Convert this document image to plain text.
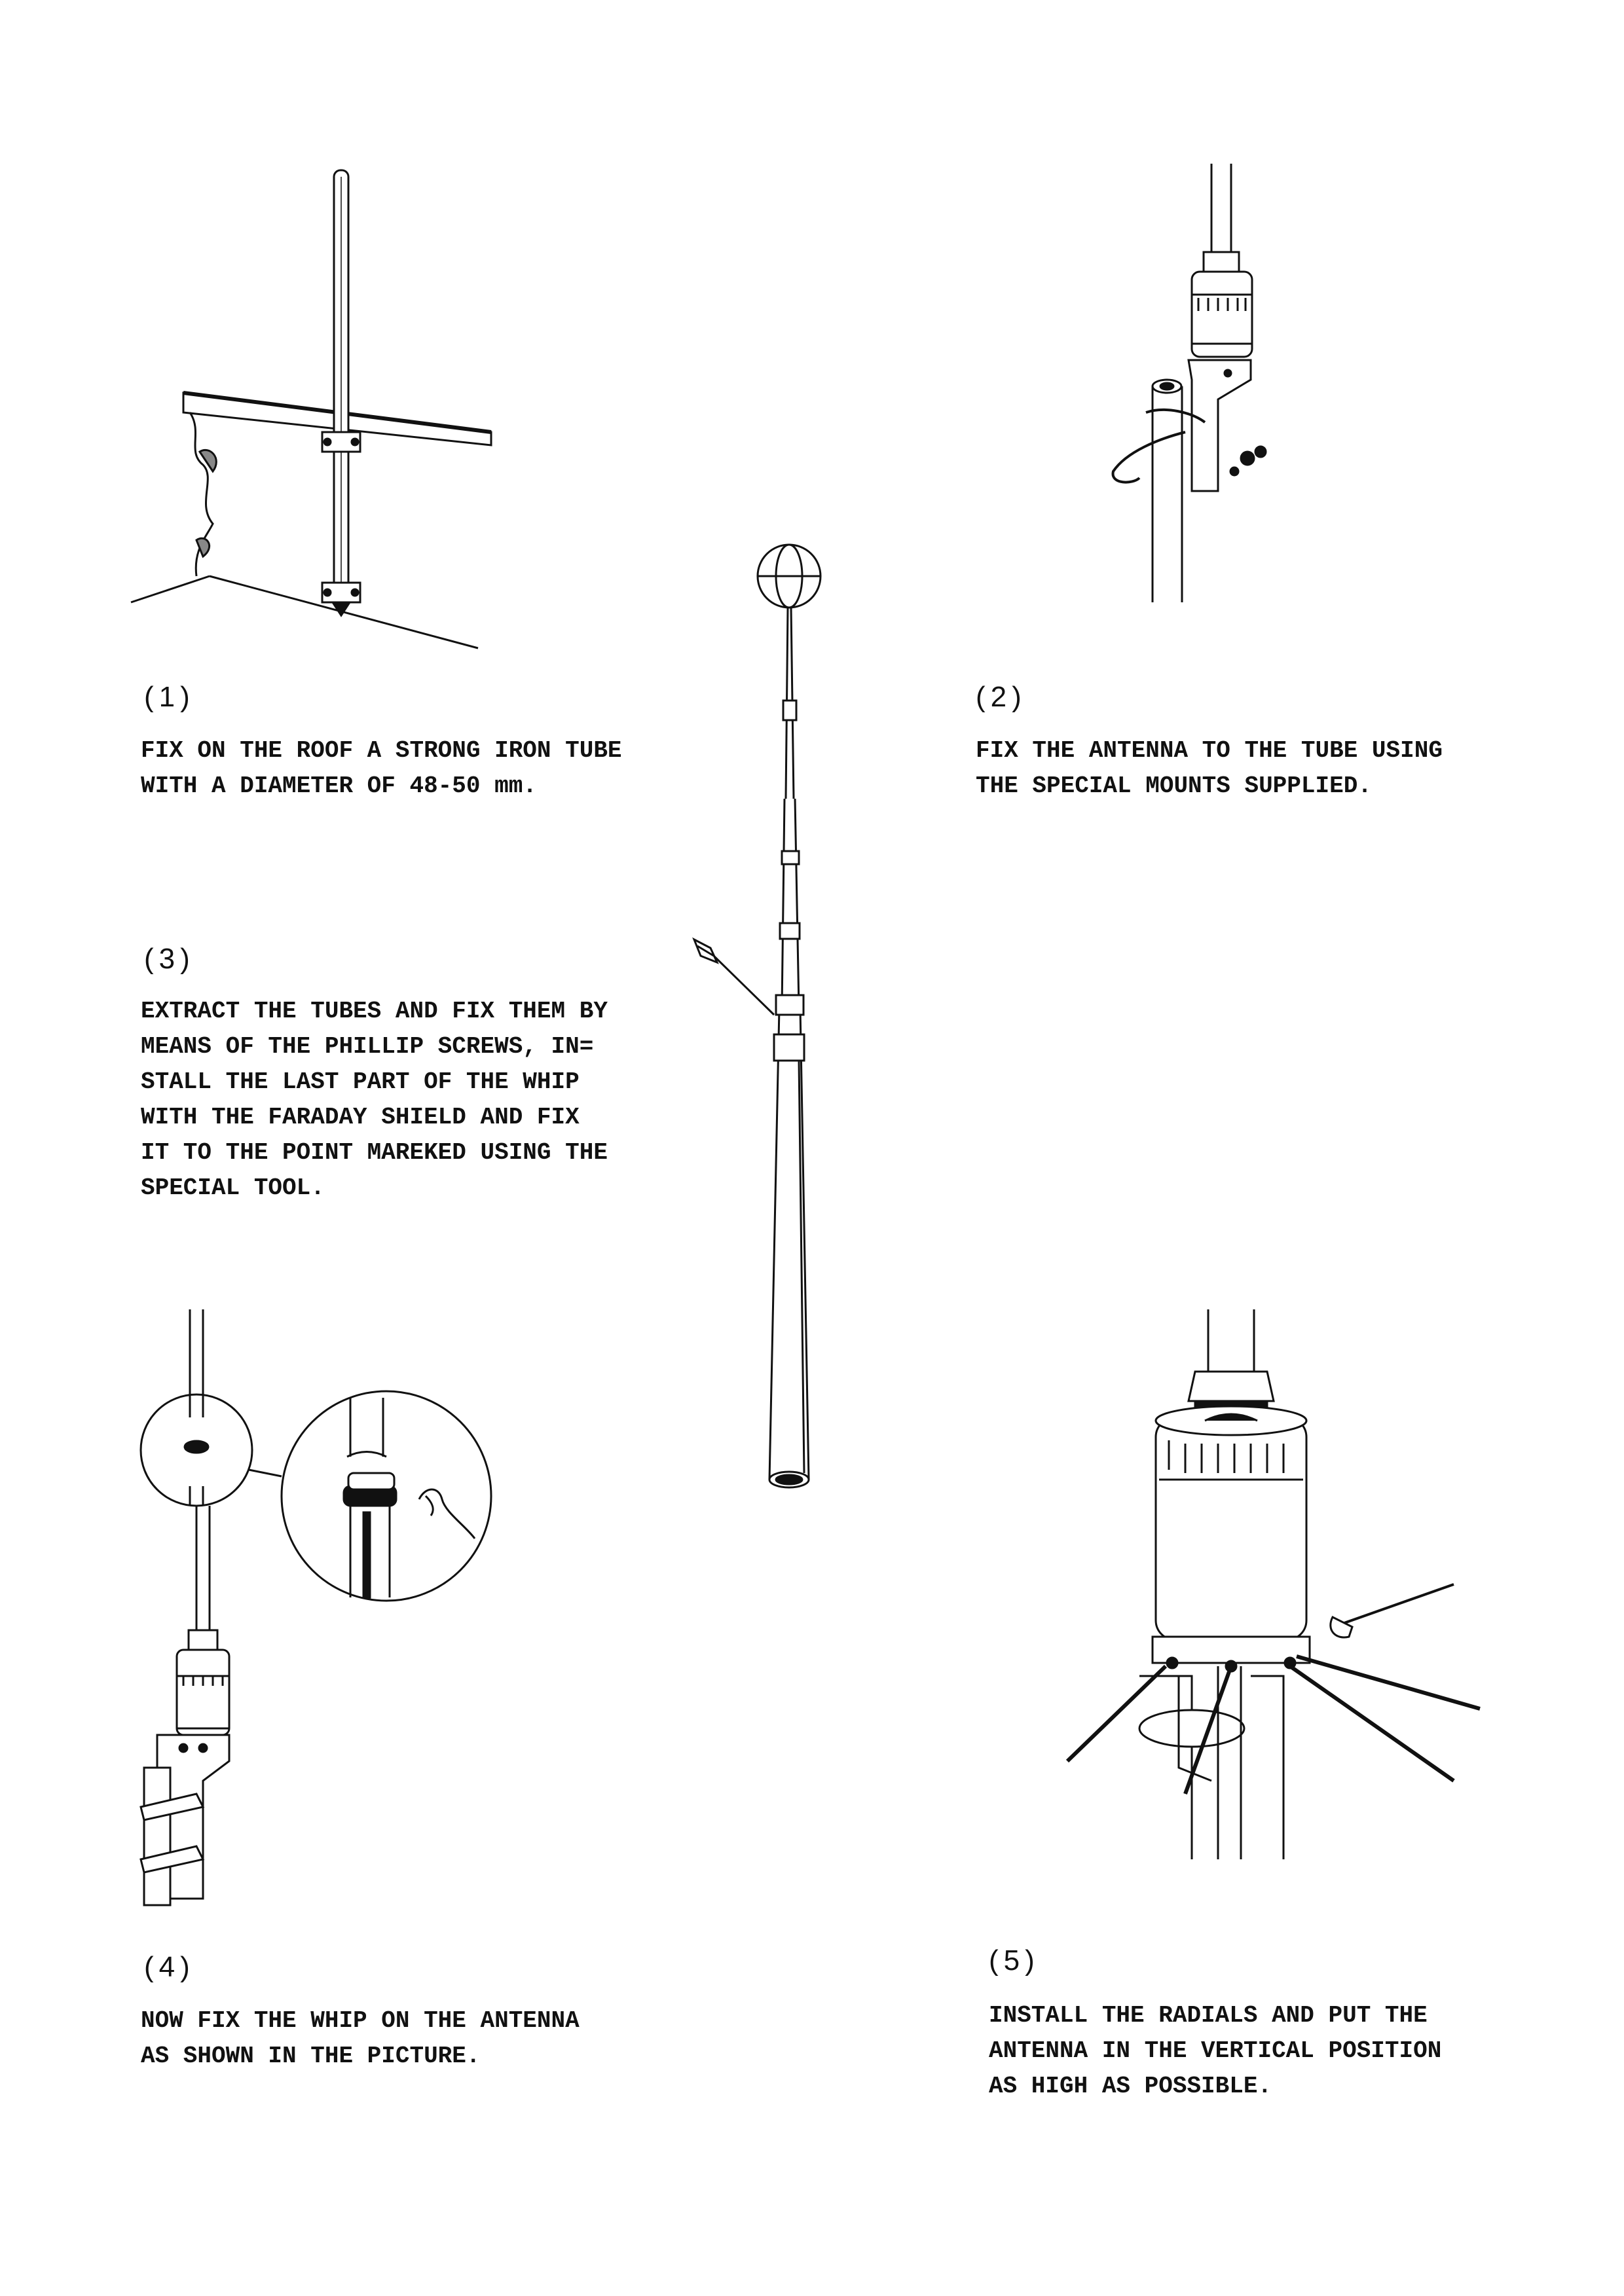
(1)
FIX ON THE ROOF A STRONG IRON TUBE
WITH A DIAMETER OF 48-50 mm.
(2)
FIX THE ANTENNA TO THE TUBE USING
THE SPECIAL MOUNTS SUPPLIED.
(3)
EXTRACT THE TUBES AND FIX THEM BY
MEANS OF THE PHILLIP SCREWS, IN=
STALL THE LAST PART OF THE WHIP
WITH THE FARADAY SHIELD AND FIX
IT TO THE POINT MAREKED USING THE
SPECIAL TOOL.
(4)
NOW FIX THE WHIP ON THE ANTENNA
AS SHOWN IN THE PICTURE.
(5)
INSTALL THE RADIALS AND PUT THE
ANTENNA IN THE VERTICAL POSITION
AS HIGH AS POSSIBLE.
